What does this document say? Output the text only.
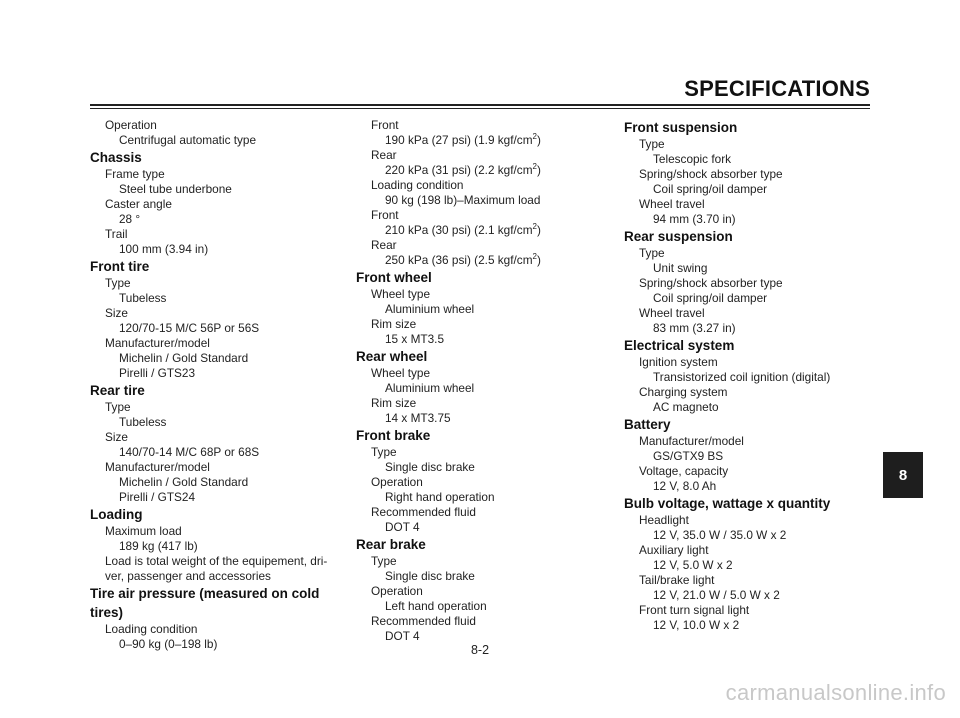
SPECIFICATIONS
Operation
Centrifugal automatic type
Chassis
Frame type
Steel tube underbone
Caster angle
28 °
Trail
100 mm (3.94 in)
Front tire
Type
Tubeless
Size
120/70-15 M/C 56P or 56S
Manufacturer/model
Michelin / Gold Standard
Pirelli / GTS23
Rear tire
Type
Tubeless
Size
140/70-14 M/C 68P or 68S
Manufacturer/model
Michelin / Gold Standard
Pirelli / GTS24
Loading
Maximum load
189 kg (417 lb)
Load is total weight of the equipement, dri-
ver, passenger and accessories
Tire air pressure (measured on cold
tires)
Loading condition
0–90 kg (0–198 lb)
Front
190 kPa (27 psi) (1.9 kgf/$cm^2$)
Rear
220 kPa (31 psi) (2.2 kgf/$cm^2$)
Loading condition
90 kg (198 lb)–Maximum load
Front
210 kPa (30 psi) (2.1 kgf/$cm^2$)
Rear
250 kPa (36 psi) (2.5 kgf/$cm^2$)
Front wheel
Wheel type
Aluminium wheel
Rim size
15 x MT3.5
Rear wheel
Wheel type
Aluminium wheel
Rim size
14 x MT3.75
Front brake
Type
Single disc brake
Operation
Right hand operation
Recommended fluid
DOT 4
Rear brake
Type
Single disc brake
Operation
Left hand operation
Recommended fluid
DOT 4
Front suspension
Type
Telescopic fork
Spring/shock absorber type
Coil spring/oil damper
Wheel travel
94 mm (3.70 in)
Rear suspension
Type
Unit swing
Spring/shock absorber type
Coil spring/oil damper
Wheel travel
83 mm (3.27 in)
Electrical system
Ignition system
Transistorized coil ignition (digital)
Charging system
AC magneto
Battery
Manufacturer/model
GS/GTX9 BS
Voltage, capacity
12 V, 8.0 Ah
Bulb voltage, wattage x quantity
Headlight
12 V, 35.0 W / 35.0 W x 2
Auxiliary light
12 V, 5.0 W x 2
Tail/brake light
12 V, 21.0 W / 5.0 W x 2
Front turn signal light
12 V, 10.0 W x 2
8
8-2
carmanualsonline.info
